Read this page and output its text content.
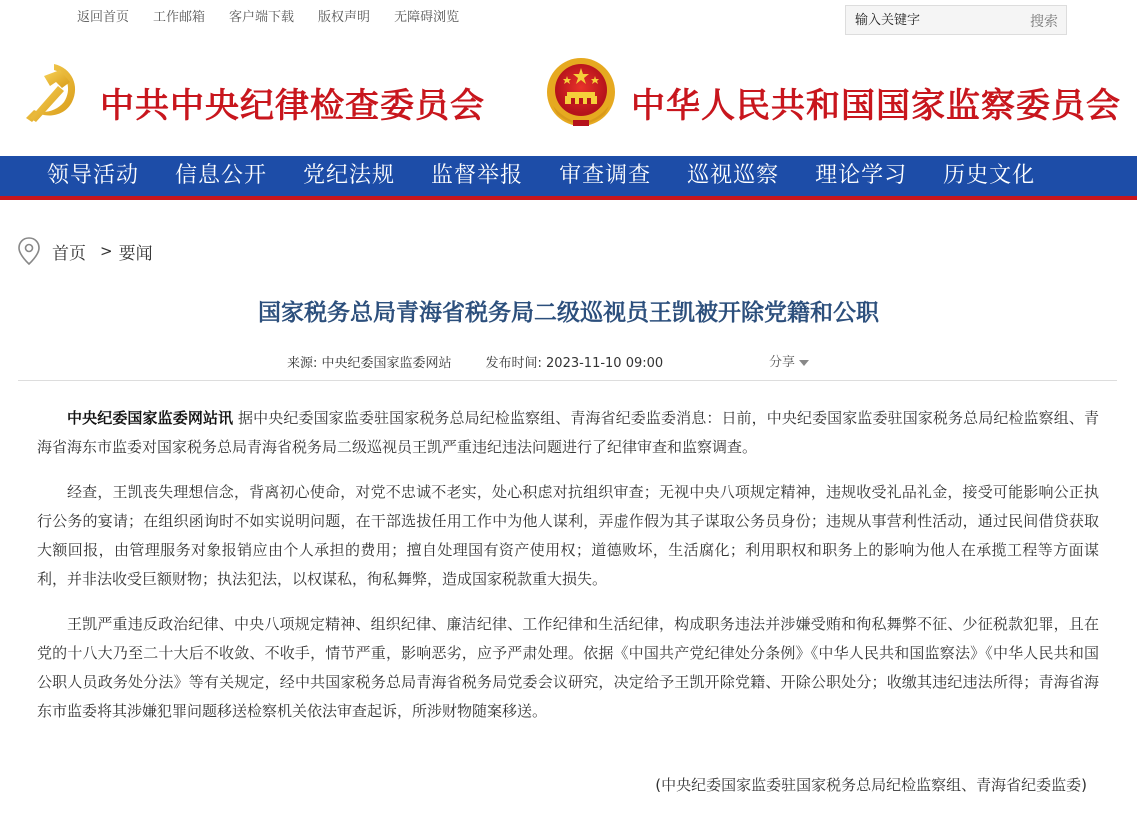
返回首页 工作邮箱 客户端下载 版权声明 无障碍浏览
输入关键字	搜索
中共中央纪律检查委员会	中华人民共和国国家监察委员会
领导活动 信息公开 党纪法规 监督举报 审查调查 巡视巡察 理论学习 历史文化
首页 > 要闻
国家税务总局青海省税务局二级巡视员王凯被开除党籍和公职
来源: 中央纪委国家监委网站	发布时间: 2023-11-10 09:00	分享

中央纪委国家监委网站讯 据中央纪委国家监委驻国家税务总局纪检监察组、青海省纪委监委消息：日前，中央纪委国家监委驻国家税务总局纪检监察组、青海省海东市监委对国家税务总局青海省税务局二级巡视员王凯严重违纪违法问题进行了纪律审查和监察调查。

经查，王凯丧失理想信念，背离初心使命，对党不忠诚不老实，处心积虑对抗组织审查；无视中央八项规定精神，违规收受礼品礼金，接受可能影响公正执行公务的宴请；在组织函询时不如实说明问题，在干部选拔任用工作中为他人谋利，弄虚作假为其子谋取公务员身份；违规从事营利性活动，通过民间借贷获取大额回报，由管理服务对象报销应由个人承担的费用；擅自处理国有资产使用权；道德败坏，生活腐化；利用职权和职务上的影响为他人在承揽工程等方面谋利，并非法收受巨额财物；执法犯法，以权谋私，徇私舞弊，造成国家税款重大损失。

王凯严重违反政治纪律、中央八项规定精神、组织纪律、廉洁纪律、工作纪律和生活纪律，构成职务违法并涉嫌受贿和徇私舞弊不征、少征税款犯罪，且在党的十八大乃至二十大后不收敛、不收手，情节严重，影响恶劣，应予严肃处理。依据《中国共产党纪律处分条例》《中华人民共和国监察法》《中华人民共和国公职人员政务处分法》等有关规定，经中共国家税务总局青海省税务局党委会议研究，决定给予王凯开除党籍、开除公职处分；收缴其违纪违法所得；青海省海东市监委将其涉嫌犯罪问题移送检察机关依法审查起诉，所涉财物随案移送。

(中央纪委国家监委驻国家税务总局纪检监察组、青海省纪委监委)
